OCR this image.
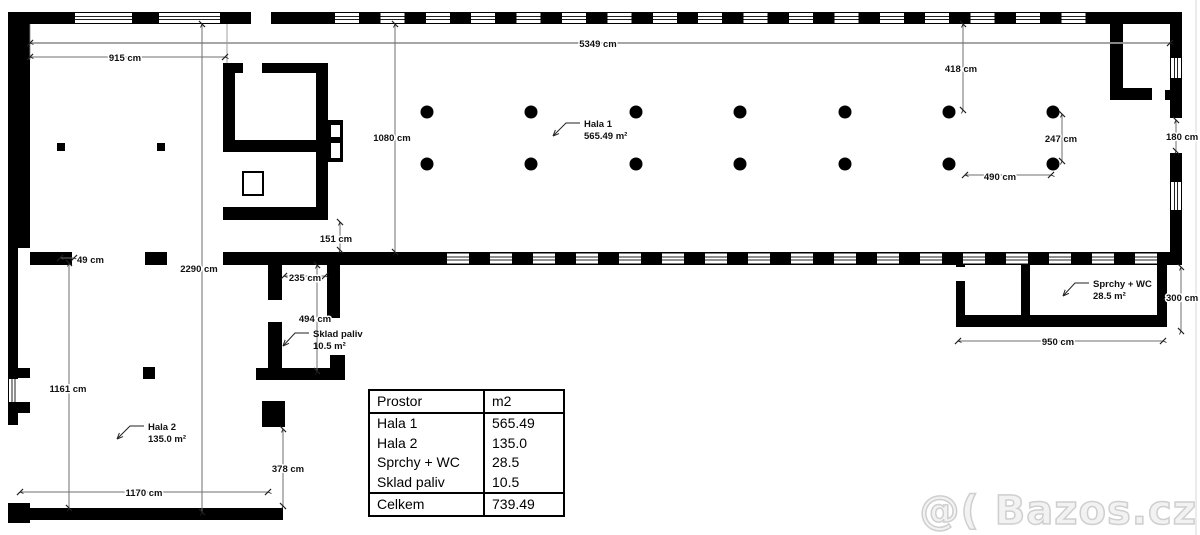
5349 cm
915 cm
1080 cm
2290 cm
1161 cm
418 cm
247 cm
490 cm
151 cm
235 cm
494 cm
950 cm
378 cm
1170 cm
180 cm
49 cm
300 cm
Hala 1
565.49 m²
Hala 2
135.0 m²
Sprchy + WC
28.5 m²
Sklad paliv
10.5 m²
Prostor	m2
Hala 1	565.49
Hala 2	135.0
Sprchy + WC	28.5
Sklad paliv	10.5
Celkem	739.49	@( Bazos.cz
